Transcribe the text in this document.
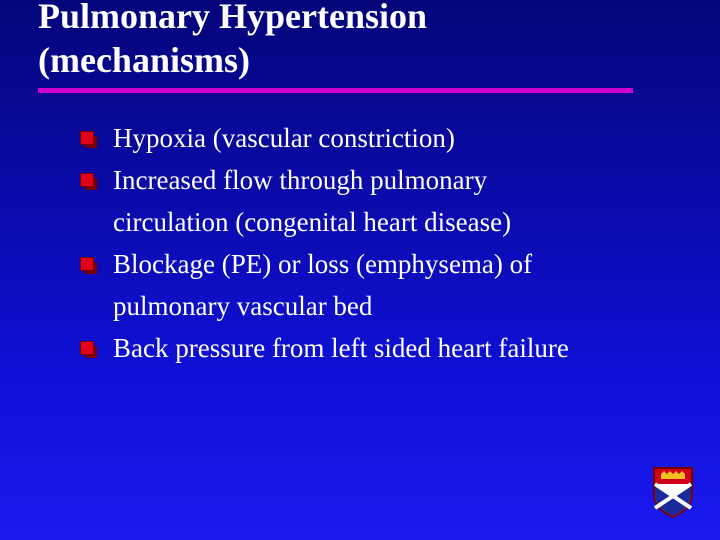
Pulmonary Hypertension
(mechanisms)
Hypoxia (vascular constriction)
Increased flow through pulmonary
circulation (congenital heart disease)
Blockage (PE) or loss (emphysema) of
pulmonary vascular bed
Back pressure from left sided heart failure
